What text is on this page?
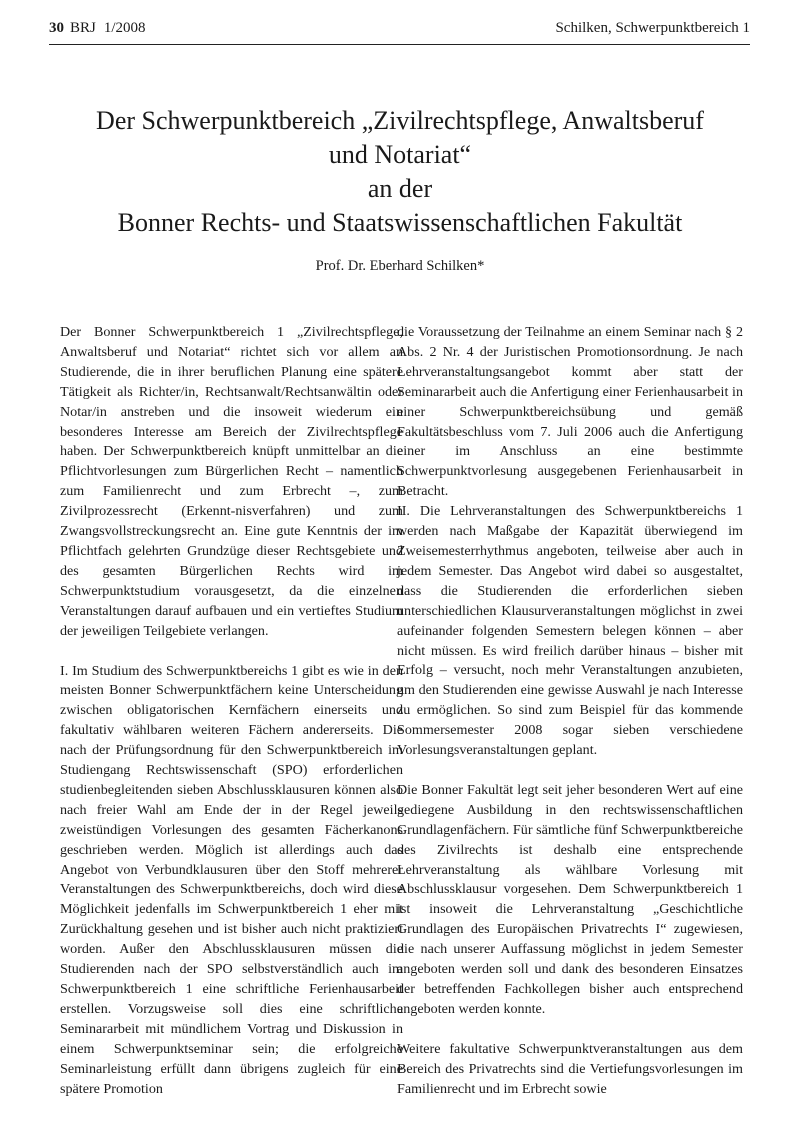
30 BRJ 1/2008	Schilken, Schwerpunktbereich 1
Der Schwerpunktbereich „Zivilrechtspflege, Anwaltsberuf
und Notariat“
an der
Bonner Rechts- und Staatswissenschaftlichen Fakultät
Prof. Dr. Eberhard Schilken*

Der Bonner Schwerpunktbereich 1 „Zivilrechtspflege, Anwaltsberuf und Notariat“ richtet sich vor allem an Studierende, die in ihrer beruflichen Planung eine spätere Tätigkeit als Richter/in, Rechtsanwalt/Rechtsanwältin oder Notar/in anstreben und die insoweit wiederum ein besonderes Interesse am Bereich der Zivilrechtspflege haben. Der Schwerpunktbereich knüpft unmittelbar an die Pflichtvorlesungen zum Bürgerlichen Recht – namentlich zum Familienrecht und zum Erbrecht –, zum Zivilprozessrecht (Erkennt-nisverfahren) und zum Zwangsvollstreckungsrecht an. Eine gute Kenntnis der im Pflichtfach gelehrten Grundzüge dieser Rechtsgebiete und des gesamten Bürgerlichen Rechts wird im Schwerpunktstudium vorausgesetzt, da die einzelnen Veranstaltungen darauf aufbauen und ein vertieftes Studium der jeweiligen Teilgebiete verlangen.

I. Im Studium des Schwerpunktbereichs 1 gibt es wie in den meisten Bonner Schwerpunktfächern keine Unterscheidung zwischen obligatorischen Kernfächern einerseits und fakultativ wählbaren weiteren Fächern andererseits. Die nach der Prüfungsordnung für den Schwerpunktbereich im Studiengang Rechtswissenschaft (SPO) erforderlichen studienbegleitenden sieben Abschlussklausuren können also nach freier Wahl am Ende der in der Regel jeweils zweistündigen Vorlesungen des gesamten Fächerkanons geschrieben werden. Möglich ist allerdings auch das Angebot von Verbundklausuren über den Stoff mehrerer Veranstaltungen des Schwerpunktbereichs, doch wird diese Möglichkeit jedenfalls im Schwerpunktbereich 1 eher mit Zurückhaltung gesehen und ist bisher auch nicht praktiziert worden. Außer den Abschlussklausuren müssen die Studierenden nach der SPO selbstverständlich auch im Schwerpunktbereich 1 eine schriftliche Ferienhausarbeit erstellen. Vorzugsweise soll dies eine schriftliche Seminararbeit mit mündlichem Vortrag und Diskussion in einem Schwerpunktseminar sein; die erfolgreiche Seminarleistung erfüllt dann übrigens zugleich für eine spätere Promotion

die Voraussetzung der Teilnahme an einem Seminar nach § 2 Abs. 2 Nr. 4 der Juristischen Promotionsordnung. Je nach Lehrveranstaltungsangebot kommt aber statt der Seminararbeit auch die Anfertigung einer Ferienhausarbeit in einer Schwerpunktbereichsübung und gemäß Fakultätsbeschluss vom 7. Juli 2006 auch die Anfertigung einer im Anschluss an eine bestimmte Schwerpunktvorlesung ausgegebenen Ferienhausarbeit in Betracht.

II. Die Lehrveranstaltungen des Schwerpunktbereichs 1 werden nach Maßgabe der Kapazität überwiegend im Zweisemesterrhythmus angeboten, teilweise aber auch in jedem Semester. Das Angebot wird dabei so ausgestaltet, dass die Studierenden die erforderlichen sieben unterschiedlichen Klausurveranstaltungen möglichst in zwei aufeinander folgenden Semestern belegen können – aber nicht müssen. Es wird freilich darüber hinaus – bisher mit Erfolg – versucht, noch mehr Veranstaltungen anzubieten, um den Studierenden eine gewisse Auswahl je nach Interesse zu ermöglichen. So sind zum Beispiel für das kommende Sommersemester 2008 sogar sieben verschiedene Vorlesungsveranstaltungen geplant.

Die Bonner Fakultät legt seit jeher besonderen Wert auf eine gediegene Ausbildung in den rechtswissenschaftlichen Grundlagenfächern. Für sämtliche fünf Schwerpunktbereiche des Zivilrechts ist deshalb eine entsprechende Lehrveranstaltung als wählbare Vorlesung mit Abschlussklausur vorgesehen. Dem Schwerpunktbereich 1 ist insoweit die Lehrveranstaltung „Geschichtliche Grundlagen des Europäischen Privatrechts I“ zugewiesen, die nach unserer Auffassung möglichst in jedem Semester angeboten werden soll und dank des besonderen Einsatzes der betreffenden Fachkollegen bisher auch entsprechend angeboten werden konnte.

Weitere fakultative Schwerpunktveranstaltungen aus dem Bereich des Privatrechts sind die Vertiefungsvorlesungen im Familienrecht und im Erbrecht sowie
